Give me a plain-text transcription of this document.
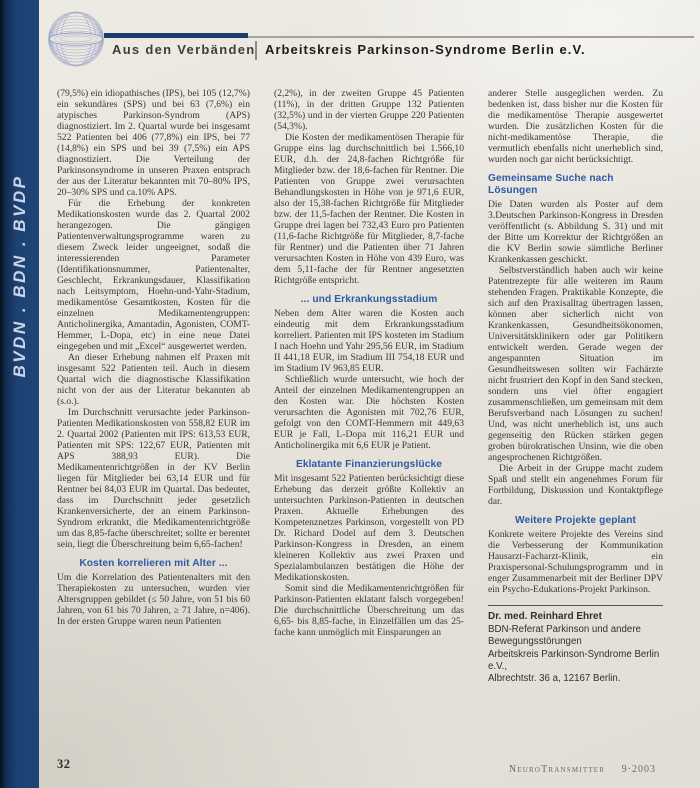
BVDN . BDN . BVDP
Aus den Verbänden Arbeitskreis Parkinson-Syndrome Berlin e.V.
(79,5%) ein idiopathisches (IPS), bei 105 (12,7%) ein sekundäres (SPS) und bei 63 (7,6%) ein atypisches Parkinson-Syndrom (APS) diagnostiziert. Im 2. Quartal wurde bei insgesamt 522 Patienten bei 406 (77,8%) ein IPS, bei 77 (14,8%) ein SPS und bei 39 (7,5%) ein APS diagnostiziert. Die Verteilung der Parkinsonsyndrome in unseren Praxen entsprach der aus der Literatur bekannten mit 70–80% IPS, 20–30% SPS und ca.10% APS.
Für die Erhebung der konkreten Medikationskosten wurde das 2. Quartal 2002 herangezogen. Die gängigen Patientenverwaltungsprogramme waren zu diesem Zweck leider ungeeignet, sodaß die interessierenden Parameter (Identifikationsnummer, Patientenalter, Geschlecht, Erkrankungsdauer, Klassifikation nach Leitsymptom, Hoehn-und-Yahr-Stadium, medikamentöse Gesamtkosten, Kosten für die einzelnen Medikamentengruppen: Anticholinergika, Amantadin, Agonisten, COMT-Hemmer, L-Dopa, etc) in eine neue Datei eingegeben und mit „Excel“ ausgewertet werden.
An dieser Erhebung nahmen elf Praxen mit insgesamt 522 Patienten teil. Auch in diesem Quartal wich die diagnostische Klassifikation nicht von der aus der Literatur bekannten ab (s.o.).
Im Durchschnitt verursachte jeder Parkinson-Patienten Medikationskosten von 558,82 EUR im 2. Quartal 2002 (Patienten mit IPS: 613,53 EUR, Patienten mit SPS: 122,67 EUR, Patienten mit APS 388,93 EUR). Die Medikamentenrichtgrößen in der KV Berlin liegen für Mitglieder bei 63,14 EUR und für Rentner bei 84,03 EUR im Quartal. Das bedeutet, dass im Durchschnitt jeder gesetzlich Krankenversicherte, der an einem Parkinson-Syndrom erkrankt, die Medikamentenrichtgröße um das 8,85-fache überschreitet; sollte er berentet sein, liegt die Überschreitung beim 6,65-fachen!
Kosten korrelieren mit Alter ...
Um die Korrelation des Patientenalters mit den Therapiekosten zu untersuchen, wurden vier Altersgruppen gebildet (≤ 50 Jahre, von 51 bis 60 Jahren, von 61 bis 70 Jahren, ≥ 71 Jahre, n=406). In der ersten Gruppe waren neun Patienten
(2,2%), in der zweiten Gruppe 45 Patienten (11%), in der dritten Gruppe 132 Patienten (32,5%) und in der vierten Gruppe 220 Patienten (54,3%).
Die Kosten der medikamentösen Therapie für Gruppe eins lag durchschnittlich bei 1.566,10 EUR, d.h. der 24,8-fachen Richtgröße für Mitglieder bzw. der 18,6-fachen für Rentner. Die Patienten von Gruppe zwei verursachten Behandlungskosten in Höhe von je 971,6 EUR, also der 15,38-fachen Richtgröße für Mitglieder bzw. der 11,5-fachen der Rentner. Die Kosten in Gruppe drei lagen bei 732,43 Euro pro Patienten (11,6-fache Richtgröße für Mitglieder, 8,7-fache für Rentner) und die Patienten über 71 Jahren verursachten Kosten in Höhe von 439 Euro, was dem 5,11-fache der für Rentner angesetzten Richtgröße entspricht.
... und Erkrankungsstadium
Neben dem Alter waren die Kosten auch eindeutig mit dem Erkrankungsstadium korreliert. Patienten mit IPS kosteten im Stadium I nach Hoehn und Yahr 295,56 EUR, im Stadium II 441,18 EUR, im Stadium III 754,18 EUR und im Stadium IV 963,85 EUR.
Schließlich wurde untersucht, wie hoch der Anteil der einzelnen Medikamentengruppen an den Kosten war. Die höchsten Kosten verursachten die Agonisten mit 702,76 EUR, gefolgt von den COMT-Hemmern mit 449,63 EUR je Fall, L-Dopa mit 116,21 EUR und Anticholinergika mit 6,6 EUR je Patient.
Eklatante Finanzierungslücke
Mit insgesamt 522 Patienten berücksichtigt diese Erhebung das derzeit größte Kollektiv an untersuchten Parkinson-Patienten in deutschen Praxen. Aktuelle Erhebungen des Kompetenznetzes Parkinson, vorgestellt von PD Dr. Richard Dodel auf dem 3. Deutschen Parkinson-Kongress in Dresden, an einem kleineren Kollektiv aus zwei Praxen und Spezialambulanzen bestätigen die Höhe der Medikationskosten.
Somit sind die Medikamentenrichtgrößen für Parkinson-Patienten eklatant falsch vorgegeben! Die durchschnittliche Überschreitung um das 6,65- bis 8,85-fache, in Einzelfällen um das 25-fache kann unmöglich mit Einsparungen an
anderer Stelle ausgeglichen werden. Zu bedenken ist, dass bisher nur die Kosten für die medikamentöse Therapie ausgewertet wurden. Die zusätzlichen Kosten für die nicht-medikamentöse Therapie, die vermutlich ebenfalls nicht unerheblich sind, wurden noch gar nicht berücksichtigt.
Gemeinsame Suche nach Lösungen
Die Daten wurden als Poster auf dem 3.Deutschen Parkinson-Kongress in Dresden veröffentlicht (s. Abbildung S. 31) und mit der Bitte um Korrektur der Richtgrößen an die KV Berlin sowie sämtliche Berliner Krankenkassen geschickt.
Selbstverständlich haben auch wir keine Patentrezepte für alle weiteren im Raum stehenden Fragen. Praktikable Konzepte, die sich auf den Praxisalltag übertragen lassen, können aber sicherlich nicht von Krankenkassen, Gesundheitsökonomen, Universitätsklinikern oder gar Politikern entwickelt werden. Gerade wegen der angespannten Situation im Gesundheitswesen sollten wir Fachärzte nicht frustriert den Kopf in den Sand stecken, sondern uns viel öfter engagiert zusammenschließen, um gemeinsam mit dem Berufsverband nach Lösungen zu suchen! Und, was nicht unerheblich ist, uns auch gegenseitig den Rücken stärken gegen groben bürokratischen Unsinn, wie die oben angesprochenen Richtgrößen.
Die Arbeit in der Gruppe macht zudem Spaß und stellt ein angenehmes Forum für Fortbildung, Diskussion und Kontaktpflege dar.
Weitere Projekte geplant
Konkrete weitere Projekte des Vereins sind die Verbesserung der Kommunikation Hausarzt-Facharzt-Klinik, ein Praxispersonal-Schulungsprogramm und in enger Zusammenarbeit mit der Berliner DPV ein Psycho-Edukations-Projekt Parkinson.
Dr. med. Reinhard Ehret
BDN-Referat Parkinson und andere Bewegungsstörungen
Arbeitskreis Parkinson-Syndrome Berlin e.V.,
Albrechtstr. 36 a, 12167 Berlin.
32	NeuroTransmitter 9·2003
